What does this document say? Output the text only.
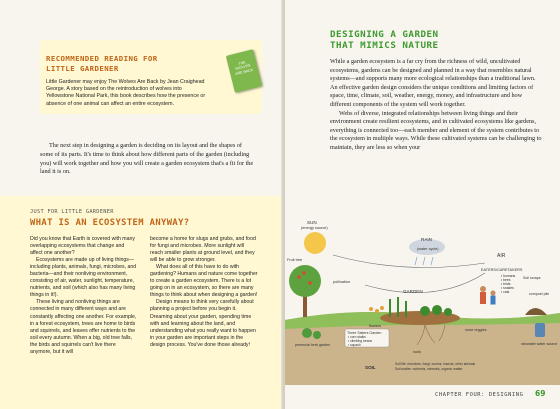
RECOMMENDED READING FOR LITTLE GARDENER
THE WOLVES ARE BACK
Little Gardener may enjoy The Wolves Are Back by Jean Craighead George. A story based on the reintroduction of wolves into Yellowstone National Park, this book describes how the presence or absence of one animal can affect an entire ecosystem.
The next step in designing a garden is deciding on its layout and the shapes of some of its parts. It's time to think about how different parts of the garden (including you) will work together and how you will create a garden ecosystem that's a fit for the land it is on.
JUST FOR LITTLE GARDENER
WHAT IS AN ECOSYSTEM ANYWAY?

Did you know that Earth is covered with many overlapping ecosystems that change and affect one another?

Ecosystems are made up of living things—including plants, animals, fungi, microbes, and bacteria—and their nonliving environment, consisting of air, water, sunlight, temperature, nutrients, and soil (which also has many living things in it!).

These living and nonliving things are connected in many different ways and are constantly affecting one another. For example, in a forest ecosystem, trees are home to birds and squirrels, and leaves offer nutrients to the soil every autumn. When a big, old tree falls, the birds and squirrels can't live there anymore, but it will

become a home for slugs and grubs, and food for fungi and microbes. More sunlight will reach smaller plants at ground level, and they will be able to grow stronger.

What does all of this have to do with gardening? Humans and nature come together to create a garden ecosystem. There is a lot going on in an ecosystem, so there are many things to think about when designing a garden!

Design means to think very carefully about planning a project before you begin it. Dreaming about your garden, spending time with and learning about the land, and understanding what you really want to happen in your garden are important steps in the design process. You've done those already!

DESIGNING A GARDEN
THAT MIMICS NATURE

While a garden ecosystem is a far cry from the richness of wild, uncultivated ecosystems, gardens can be designed and planned in a way that resembles natural systems—and supports many more ecological relationships than a traditional lawn. An effective garden design considers the unique conditions and limiting factors of space, time, climate, soil, weather, energy, money, and infrastructure and how different components of the system will work together.

Webs of diverse, integrated relationships between living things and their environment create resilient ecosystems, and in cultivated ecosystems like gardens, everything is connected too—each member and element of the system contributes to the ecosystem in multiple ways. While these cultivated systems can be challenging to maintain, they are less so when your

SUN
(energy source)
RAIN
(water cycle)
AIR
Fruit tree
pollination
GARDEN
flowers
EATERS/CARETAKERS
• humans
• bees
• birds
• snakes
• cats
Soil scraps
compost pile
rainwater water source
perennial herb garden
Three Sisters Garden
• corn stalks
• climbing beans
• squash
roots
more veggies
SOIL
Soil life: microbes, fungi, worms, insects, other animals
Soil matter: nutrients, minerals, organic matter
CHAPTER FOUR: DESIGNING 69
